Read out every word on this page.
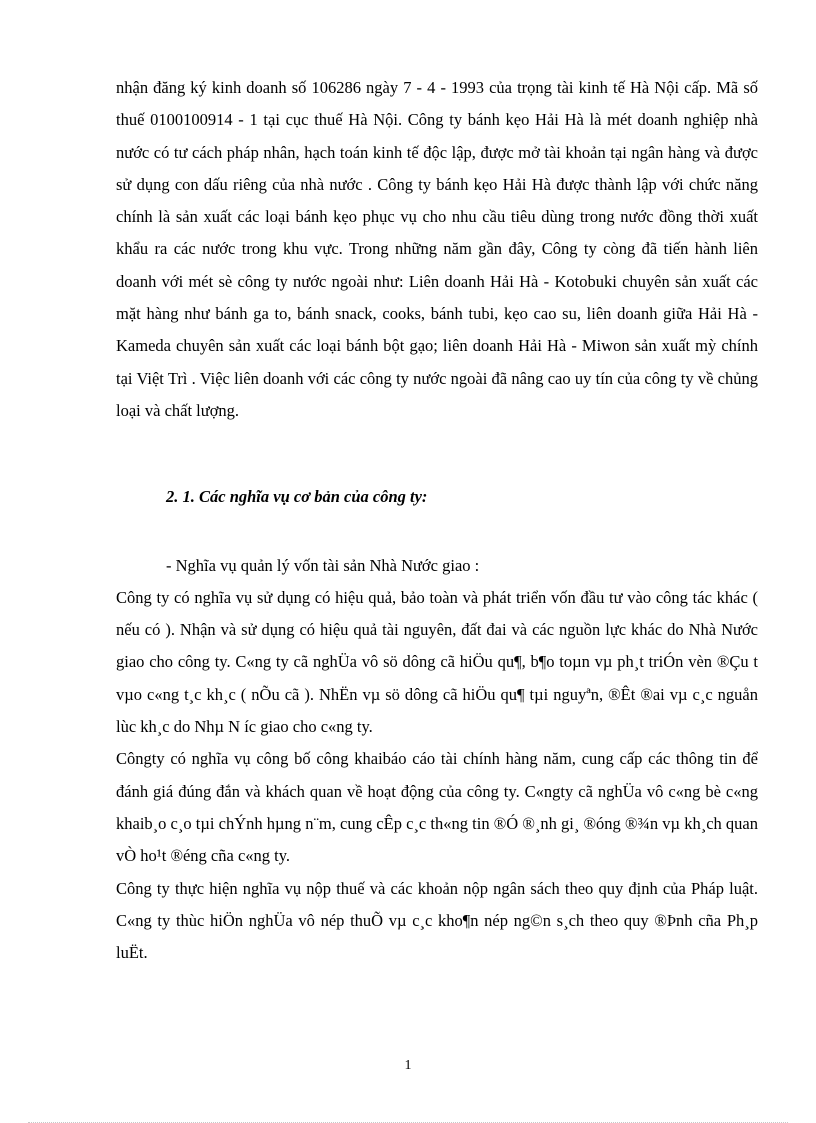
nhận đăng ký kinh doanh số 106286 ngày 7 - 4 - 1993 của trọng tài kinh tế Hà Nội cấp. Mã số thuế 0100100914 - 1 tại cục thuế Hà Nội. Công ty bánh kẹo Hải Hà là mét doanh nghiệp nhà nước có tư cách pháp nhân, hạch toán kinh tế độc lập, được mở tài khoản tại ngân hàng và được sử dụng con dấu riêng của nhà nước . Công ty bánh kẹo Hải Hà được thành lập với chức năng chính là sản xuất các loại bánh kẹo phục vụ cho nhu cầu tiêu dùng trong nước đồng thời xuất khẩu ra các nước trong khu vực. Trong những năm gần đây, Công ty còng đã tiến hành liên doanh với mét sè công ty nước ngoài như: Liên doanh Hải Hà - Kotobuki chuyên sản xuất các mặt hàng như bánh ga to, bánh snack, cooks, bánh tubi, kẹo cao su, liên doanh giữa Hải Hà - Kameda chuyên sản xuất các loại bánh bột gạo; liên doanh Hải Hà - Miwon sản xuất mỳ chính tại Việt Trì . Việc liên doanh với các công ty nước ngoài đã nâng cao uy tín của công ty về chủng loại và chất lượng.

2. 1. Các nghĩa vụ cơ bản của công ty:

- Nghĩa vụ quản lý vốn tài sản Nhà Nước giao :

Công ty có nghĩa vụ sử dụng có hiệu quả, bảo toàn và phát triển vốn đầu tư vào công tác khác ( nếu có ). Nhận và sử dụng có hiệu quả tài nguyên, đất đai và các nguồn lực khác do Nhà Nước giao cho công ty. C«ng ty cã nghÜa vô sö dông cã hiÖu qu¶, b¶o toµn vµ ph¸t triÓn vèn ®Çu t vµo c«ng t¸c kh¸c ( nÕu cã ). NhËn vµ sö dông cã hiÖu qu¶ tµi nguyªn, ®Êt ®ai vµ c¸c nguån lùc kh¸c do Nhµ N íc giao cho c«ng ty.

Côngty có nghĩa vụ công bố công khaibáo cáo tài chính hàng năm, cung cấp các thông tin để đánh giá đúng đắn và khách quan về hoạt động của công ty. C«ngty cã nghÜa vô c«ng bè c«ng khaib¸o c¸o tµi chÝnh hµng n¨m, cung cÊp c¸c th«ng tin ®Ó ®¸nh gi¸ ®óng ®¾n vµ kh¸ch quan vÒ ho¹t ®éng cña c«ng ty.

Công ty thực hiện nghĩa vụ nộp thuế và các khoản nộp ngân sách theo quy định của Pháp luật. C«ng ty thùc hiÖn nghÜa vô nép thuÕ vµ c¸c kho¶n nép ng©n s¸ch theo quy ®Þnh cña Ph¸p luËt.

1
